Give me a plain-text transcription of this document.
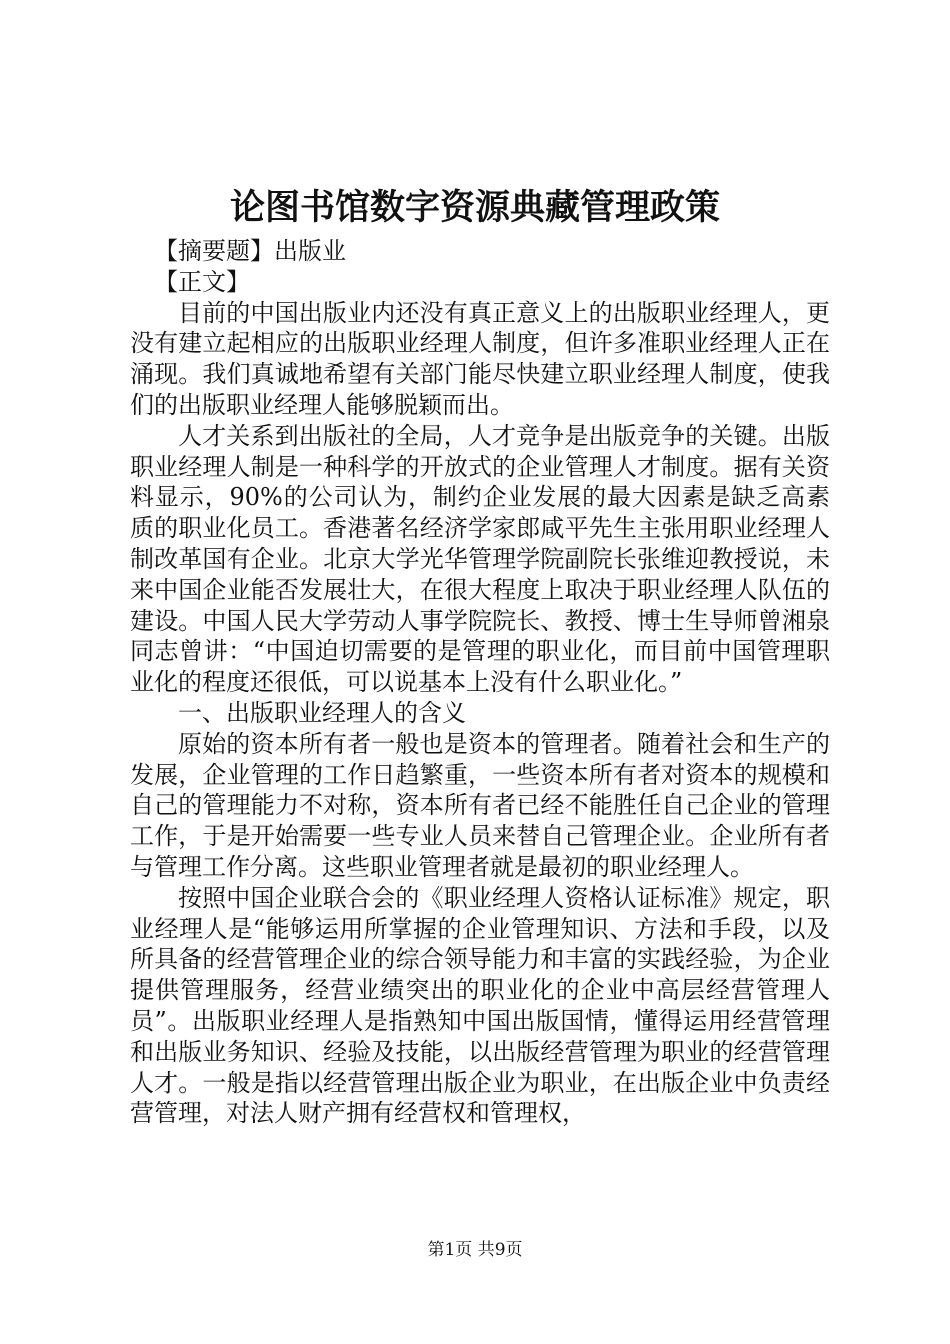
论图书馆数字资源典藏管理政策

【摘要题】出版业

【正文】

目前的中国出版业内还没有真正意义上的出版职业经理人，更没有建立起相应的出版职业经理人制度，但许多准职业经理人正在涌现。我们真诚地希望有关部门能尽快建立职业经理人制度，使我们的出版职业经理人能够脱颖而出。

人才关系到出版社的全局，人才竞争是出版竞争的关键。出版职业经理人制是一种科学的开放式的企业管理人才制度。据有关资料显示，90%的公司认为，制约企业发展的最大因素是缺乏高素质的职业化员工。香港著名经济学家郎咸平先生主张用职业经理人制改革国有企业。北京大学光华管理学院副院长张维迎教授说，未来中国企业能否发展壮大，在很大程度上取决于职业经理人队伍的建设。中国人民大学劳动人事学院院长、教授、博士生导师曾湘泉同志曾讲：“中国迫切需要的是管理的职业化，而目前中国管理职业化的程度还很低，可以说基本上没有什么职业化。”

一、出版职业经理人的含义

原始的资本所有者一般也是资本的管理者。随着社会和生产的发展，企业管理的工作日趋繁重，一些资本所有者对资本的规模和自己的管理能力不对称，资本所有者已经不能胜任自己企业的管理工作，于是开始需要一些专业人员来替自己管理企业。企业所有者与管理工作分离。这些职业管理者就是最初的职业经理人。

按照中国企业联合会的《职业经理人资格认证标准》规定，职业经理人是“能够运用所掌握的企业管理知识、方法和手段，以及所具备的经营管理企业的综合领导能力和丰富的实践经验，为企业提供管理服务，经营业绩突出的职业化的企业中高层经营管理人员”。出版职业经理人是指熟知中国出版国情，懂得运用经营管理和出版业务知识、经验及技能，以出版经营管理为职业的经营管理人才。一般是指以经营管理出版企业为职业，在出版企业中负责经营管理，对法人财产拥有经营权和管理权，

第1页 共9页
